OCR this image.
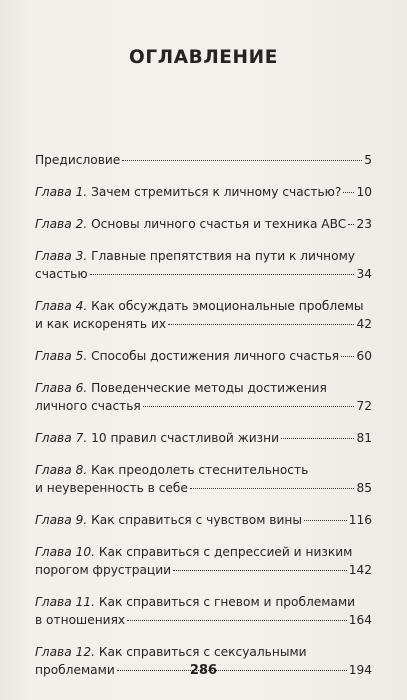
ОГЛАВЛЕНИЕ
Предисловие	5
Глава 1.
Зачем стремиться к личному счастью? 10
Глава 2.
Основы личного счастья и техника ABC 23
Глава 3.
Главные препятствия на пути к личному
счастью	34
Глава 4.
Как обсуждать эмоциональные проблемы
и как искоренять их	42
Глава 5.
Способы достижения личного счастья 60
Глава 6.
Поведенческие методы достижения
личного счастья	72
Глава 7.
10 правил счастливой жизни	81
Глава 8.
Как преодолеть стеснительность
и неуверенность в себе	85
Глава 9.
Как справиться с чувством вины	116
Глава 10.
Как справиться с депрессией и низким
порогом фрустрации	142
Глава 11.
Как справиться с гневом и проблемами
в отношениях	164
Глава 12.
Как справиться с сексуальными
проблемами	194
286
